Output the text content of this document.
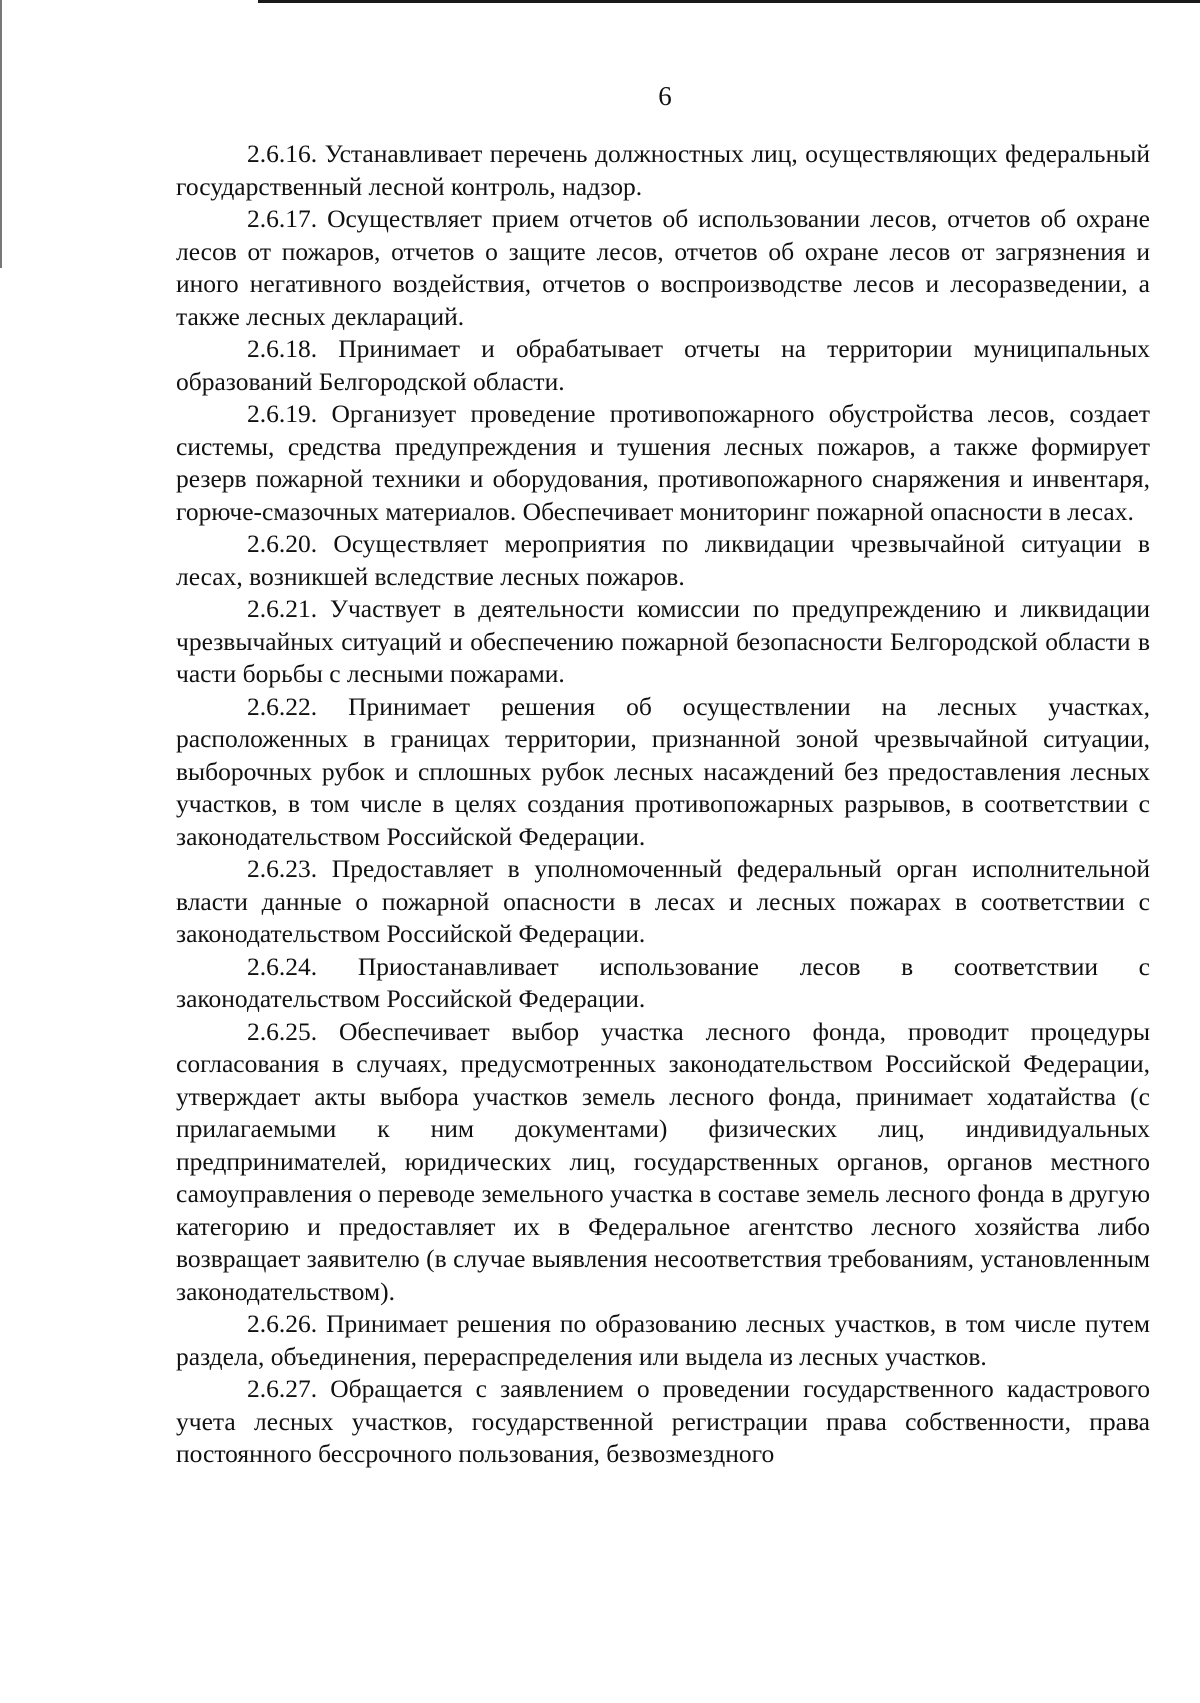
6

2.6.16. Устанавливает перечень должностных лиц, осуществляющих федеральный государственный лесной контроль, надзор.

2.6.17. Осуществляет прием отчетов об использовании лесов, отчетов об охране лесов от пожаров, отчетов о защите лесов, отчетов об охране лесов от загрязнения и иного негативного воздействия, отчетов о воспроизводстве лесов и лесоразведении, а также лесных деклараций.

2.6.18. Принимает и обрабатывает отчеты на территории муниципальных образований Белгородской области.

2.6.19. Организует проведение противопожарного обустройства лесов, создает системы, средства предупреждения и тушения лесных пожаров, а также формирует резерв пожарной техники и оборудования, противопожарного снаряжения и инвентаря, горюче-смазочных материалов. Обеспечивает мониторинг пожарной опасности в лесах.

2.6.20. Осуществляет мероприятия по ликвидации чрезвычайной ситуации в лесах, возникшей вследствие лесных пожаров.

2.6.21. Участвует в деятельности комиссии по предупреждению и ликвидации чрезвычайных ситуаций и обеспечению пожарной безопасности Белгородской области в части борьбы с лесными пожарами.

2.6.22. Принимает решения об осуществлении на лесных участках, расположенных в границах территории, признанной зоной чрезвычайной ситуации, выборочных рубок и сплошных рубок лесных насаждений без предоставления лесных участков, в том числе в целях создания противопожарных разрывов, в соответствии с законодательством Российской Федерации.

2.6.23. Предоставляет в уполномоченный федеральный орган исполнительной власти данные о пожарной опасности в лесах и лесных пожарах в соответствии с законодательством Российской Федерации.

2.6.24. Приостанавливает использование лесов в соответствии с законодательством Российской Федерации.

2.6.25. Обеспечивает выбор участка лесного фонда, проводит процедуры согласования в случаях, предусмотренных законодательством Российской Федерации, утверждает акты выбора участков земель лесного фонда, принимает ходатайства (с прилагаемыми к ним документами) физических лиц, индивидуальных предпринимателей, юридических лиц, государственных органов, органов местного самоуправления о переводе земельного участка в составе земель лесного фонда в другую категорию и предоставляет их в Федеральное агентство лесного хозяйства либо возвращает заявителю (в случае выявления несоответствия требованиям, установленным законодательством).

2.6.26. Принимает решения по образованию лесных участков, в том числе путем раздела, объединения, перераспределения или выдела из лесных участков.

2.6.27. Обращается с заявлением о проведении государственного кадастрового учета лесных участков, государственной регистрации права собственности, права постоянного бессрочного пользования, безвозмездного
